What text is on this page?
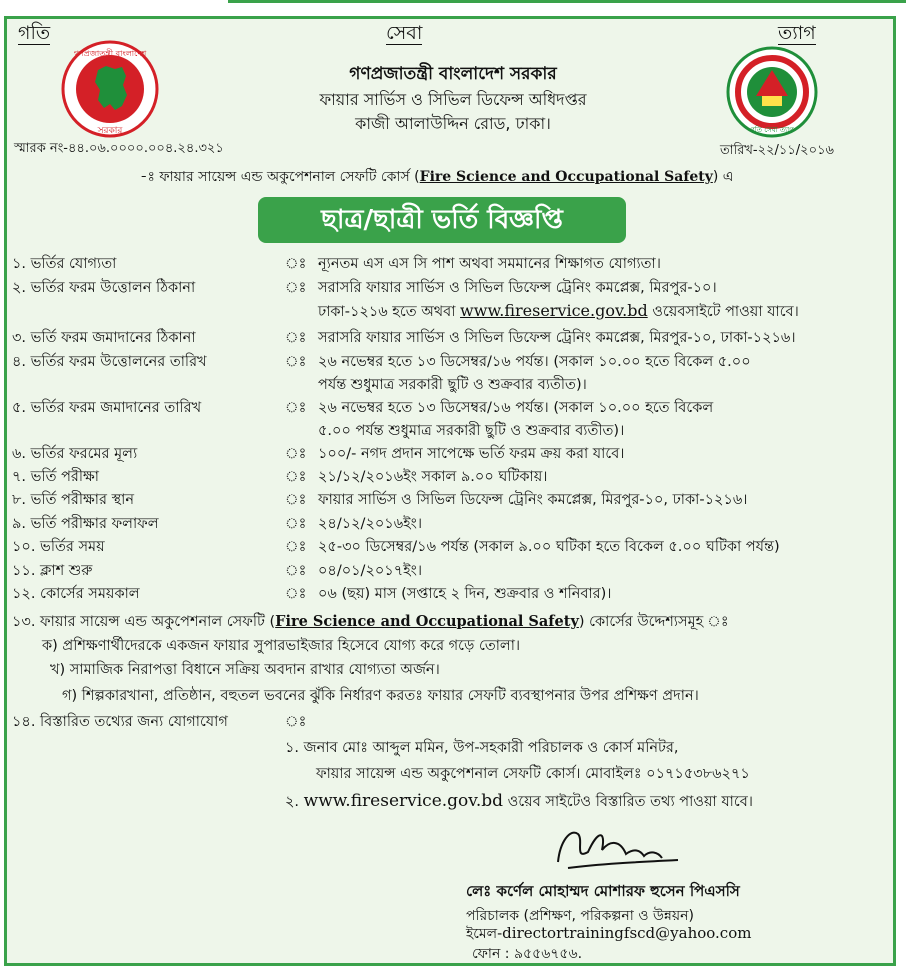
গতি	সেবা	ত্যাগ
গণপ্রজাতন্ত্রী বাংলাদেশ
সরকার	গতি সেবা ত্যাগ
গণপ্রজাতন্ত্রী বাংলাদেশ সরকার
ফায়ার সার্ভিস ও সিভিল ডিফেন্স অধিদপ্তর
কাজী আলাউদ্দিন রোড, ঢাকা।
স্মারক নং-৪৪.০৬.০০০০.০০৪.২৪.৩২১	তারিখ-২২/১১/২০১৬
-ঃ ফায়ার সায়েন্স এন্ড অকুপেশনাল সেফটি কোর্স (Fire Science and Occupational Safety) এ
ছাত্র/ছাত্রী ভর্তি বিজ্ঞপ্তি
১. ভর্তির যোগ্যতা	ঃ ন্যূনতম এস এস সি পাশ অথবা সমমানের শিক্ষাগত যোগ্যতা।
২. ভর্তির ফরম উত্তোলন ঠিকানা	ঃ সরাসরি ফায়ার সার্ভিস ও সিভিল ডিফেন্স ট্রেনিং কমপ্লেক্স, মিরপুর-১০।
ঢাকা-১২১৬ হতে অথবা www.fireservice.gov.bd ওয়েবসাইটে পাওয়া যাবে।
৩. ভর্তি ফরম জমাদানের ঠিকানা	ঃ সরাসরি ফায়ার সার্ভিস ও সিভিল ডিফেন্স ট্রেনিং কমপ্লেক্স, মিরপুর-১০, ঢাকা-১২১৬।
৪. ভর্তির ফরম উত্তোলনের তারিখ	ঃ ২৬ নভেম্বর হতে ১৩ ডিসেম্বর/১৬ পর্যন্ত। (সকাল ১০.০০ হতে বিকেল ৫.০০
পর্যন্ত শুধুমাত্র সরকারী ছুটি ও শুক্রবার ব্যতীত)।
৫. ভর্তির ফরম জমাদানের তারিখ	ঃ ২৬ নভেম্বর হতে ১৩ ডিসেম্বর/১৬ পর্যন্ত। (সকাল ১০.০০ হতে বিকেল
৫.০০ পর্যন্ত শুধুমাত্র সরকারী ছুটি ও শুক্রবার ব্যতীত)।
৬. ভর্তির ফরমের মূল্য	ঃ ১০০/- নগদ প্রদান সাপেক্ষে ভর্তি ফরম ক্রয় করা যাবে।
৭. ভর্তি পরীক্ষা	ঃ ২১/১২/২০১৬ইং সকাল ৯.০০ ঘটিকায়।
৮. ভর্তি পরীক্ষার স্থান	ঃ ফায়ার সার্ভিস ও সিভিল ডিফেন্স ট্রেনিং কমপ্লেক্স, মিরপুর-১০, ঢাকা-১২১৬।
৯. ভর্তি পরীক্ষার ফলাফল	ঃ ২৪/১২/২০১৬ইং।
১০. ভর্তির সময়	ঃ ২৫-৩০ ডিসেম্বর/১৬ পর্যন্ত (সকাল ৯.০০ ঘটিকা হতে বিকেল ৫.০০ ঘটিকা পর্যন্ত)
১১. ক্লাশ শুরু	ঃ ০৪/০১/২০১৭ইং।
১২. কোর্সের সময়কাল	ঃ ০৬ (ছয়) মাস (সপ্তাহে ২ দিন, শুক্রবার ও শনিবার)।
১৩. ফায়ার সায়েন্স এন্ড অকুপেশনাল সেফটি (Fire Science and Occupational Safety) কোর্সের উদ্দেশ্যসমূহ ঃ
ক) প্রশিক্ষণার্থীদেরকে একজন ফায়ার সুপারভাইজার হিসেবে যোগ্য করে গড়ে তোলা।
খ) সামাজিক নিরাপত্তা বিধানে সক্রিয় অবদান রাখার যোগ্যতা অর্জন।
গ) শিল্পকারখানা, প্রতিষ্ঠান, বহুতল ভবনের ঝুঁকি নির্ধারণ করতঃ ফায়ার সেফটি ব্যবস্থাপনার উপর প্রশিক্ষণ প্রদান।
১৪. বিস্তারিত তথ্যের জন্য যোগাযোগ	ঃ
১. জনাব মোঃ আব্দুল মমিন, উপ-সহকারী পরিচালক ও কোর্স মনিটর,
ফায়ার সায়েন্স এন্ড অকুপেশনাল সেফটি কোর্স। মোবাইলঃ ০১৭১৫৩৮৬২৭১
২. www.fireservice.gov.bd ওয়েব সাইটেও বিস্তারিত তথ্য পাওয়া যাবে।
লেঃ কর্ণেল মোহাম্মদ মোশারফ হুসেন পিএসসি
পরিচালক (প্রশিক্ষণ, পরিকল্পনা ও উন্নয়ন)
ইমেল-directortrainingfscd@yahoo.com
ফোন : ৯৫৫৬৭৫৬.
